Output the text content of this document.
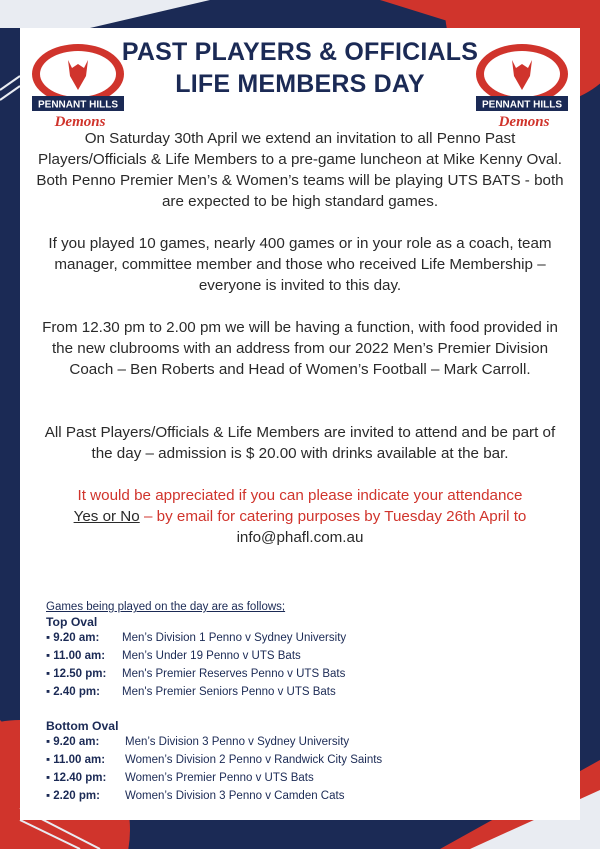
PENNANT HILLS
Demons
PENNANT HILLS
Demons
PAST PLAYERS & OFFICIALS
LIFE MEMBERS DAY

On Saturday 30th April we extend an invitation to all Penno Past Players/Officials & Life Members to a pre-game luncheon at Mike Kenny Oval. Both Penno Premier Men’s & Women’s teams will be playing UTS BATS - both are expected to be high standard games.

If you played 10 games, nearly 400 games or in your role as a coach, team manager, committee member and those who received Life Membership – everyone is invited to this day.

From 12.30 pm to 2.00 pm we will be having a function, with food provided in the new clubrooms with an address from our 2022 Men’s Premier Division Coach – Ben Roberts and Head of Women’s Football – Mark Carroll.

All Past Players/Officials & Life Members are invited to attend and be part of the day – admission is $ 20.00 with drinks available at the bar.

It would be appreciated if you can please indicate your attendance
Yes or No – by email for catering purposes by Tuesday 26th April to
info@phafl.com.au

Games being played on the day are as follows;
Top Oval
▪ 9.20 am:	Men’s Division 1 Penno v Sydney University
▪ 11.00 am:	Men’s Under 19 Penno v UTS Bats
▪ 12.50 pm:	Men's Premier Reserves Penno v UTS Bats
▪ 2.40 pm:	Men's Premier Seniors Penno v UTS Bats
Bottom Oval
▪ 9.20 am:	Men’s Division 3 Penno v Sydney University
▪ 11.00 am:	Women’s Division 2 Penno v Randwick City Saints
▪ 12.40 pm:	Women’s Premier Penno v UTS Bats
▪ 2.20 pm:	Women’s Division 3 Penno v Camden Cats
